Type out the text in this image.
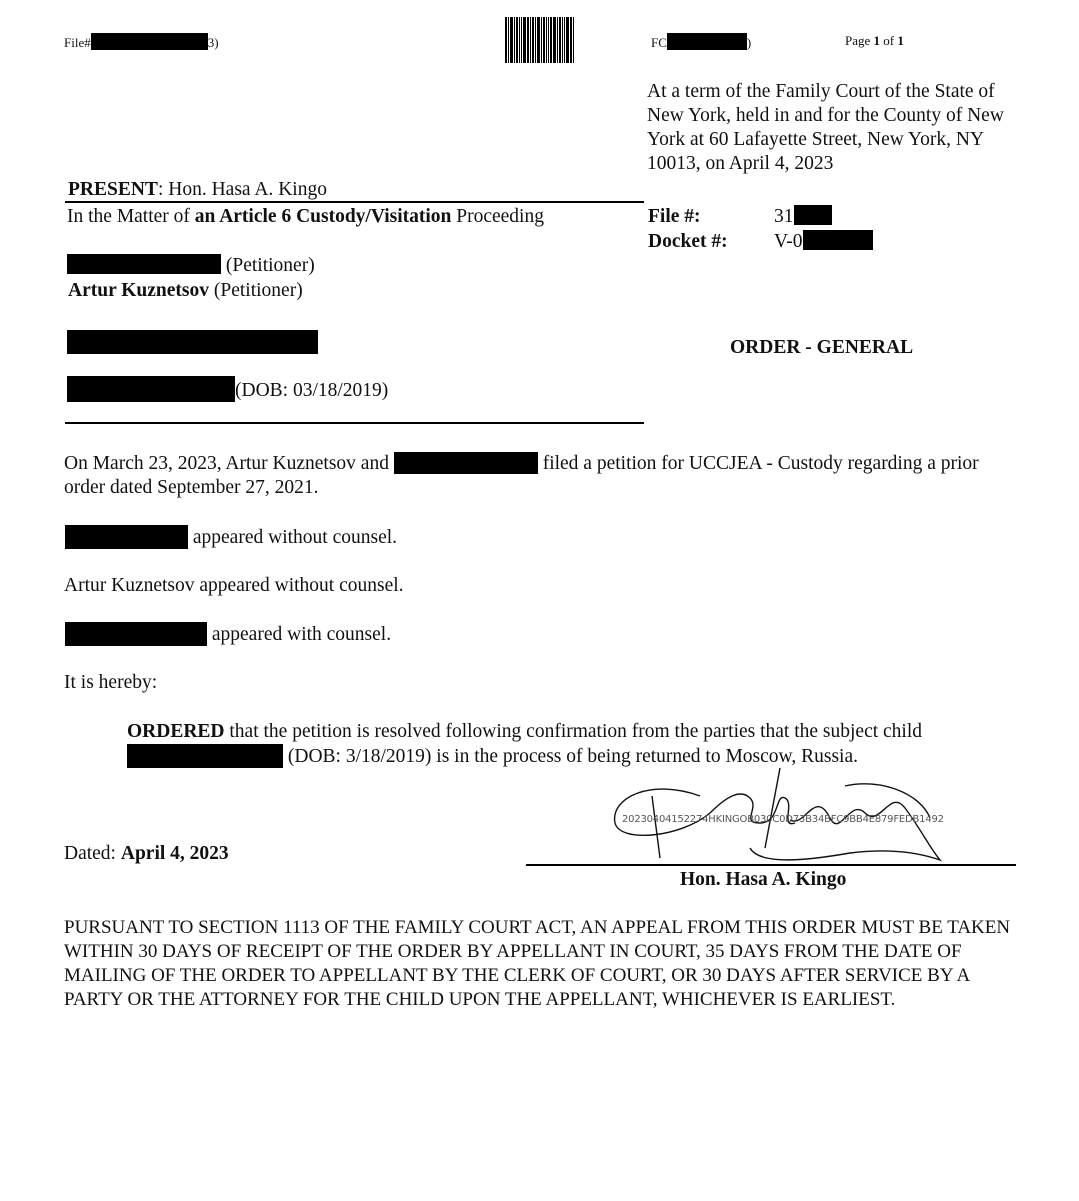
File#	3)	FC	)	Page 1 of 1
At a term of the Family Court of the State of New York, held in and for the County of New York at 60 Lafayette Street, New York, NY 10013, on April 4, 2023
PRESENT: Hon. Hasa A. Kingo
In the Matter of an Article 6 Custody/Visitation Proceeding	File #:	31
Docket #: V-0
(Petitioner)
Artur Kuznetsov (Petitioner)
ORDER - GENERAL
(DOB: 03/18/2019)
On March 23, 2023, Artur Kuznetsov and	filed a petition for UCCJEA - Custody regarding a prior order dated September 27, 2021.
appeared without counsel.
Artur Kuznetsov appeared without counsel.
appeared with counsel.
It is hereby:
ORDERED that the petition is resolved following confirmation from the parties that the subject child
(DOB: 3/18/2019) is in the process of being returned to Moscow, Russia.
20230404152274HKINGOB030C0D73B34BFC9BB4E879FEDB1492
Dated: April 4, 2023
Hon. Hasa A. Kingo
PURSUANT TO SECTION 1113 OF THE FAMILY COURT ACT, AN APPEAL FROM THIS ORDER MUST BE TAKEN WITHIN 30 DAYS OF RECEIPT OF THE ORDER BY APPELLANT IN COURT, 35 DAYS FROM THE DATE OF MAILING OF THE ORDER TO APPELLANT BY THE CLERK OF COURT, OR 30 DAYS AFTER SERVICE BY A PARTY OR THE ATTORNEY FOR THE CHILD UPON THE APPELLANT, WHICHEVER IS EARLIEST.
